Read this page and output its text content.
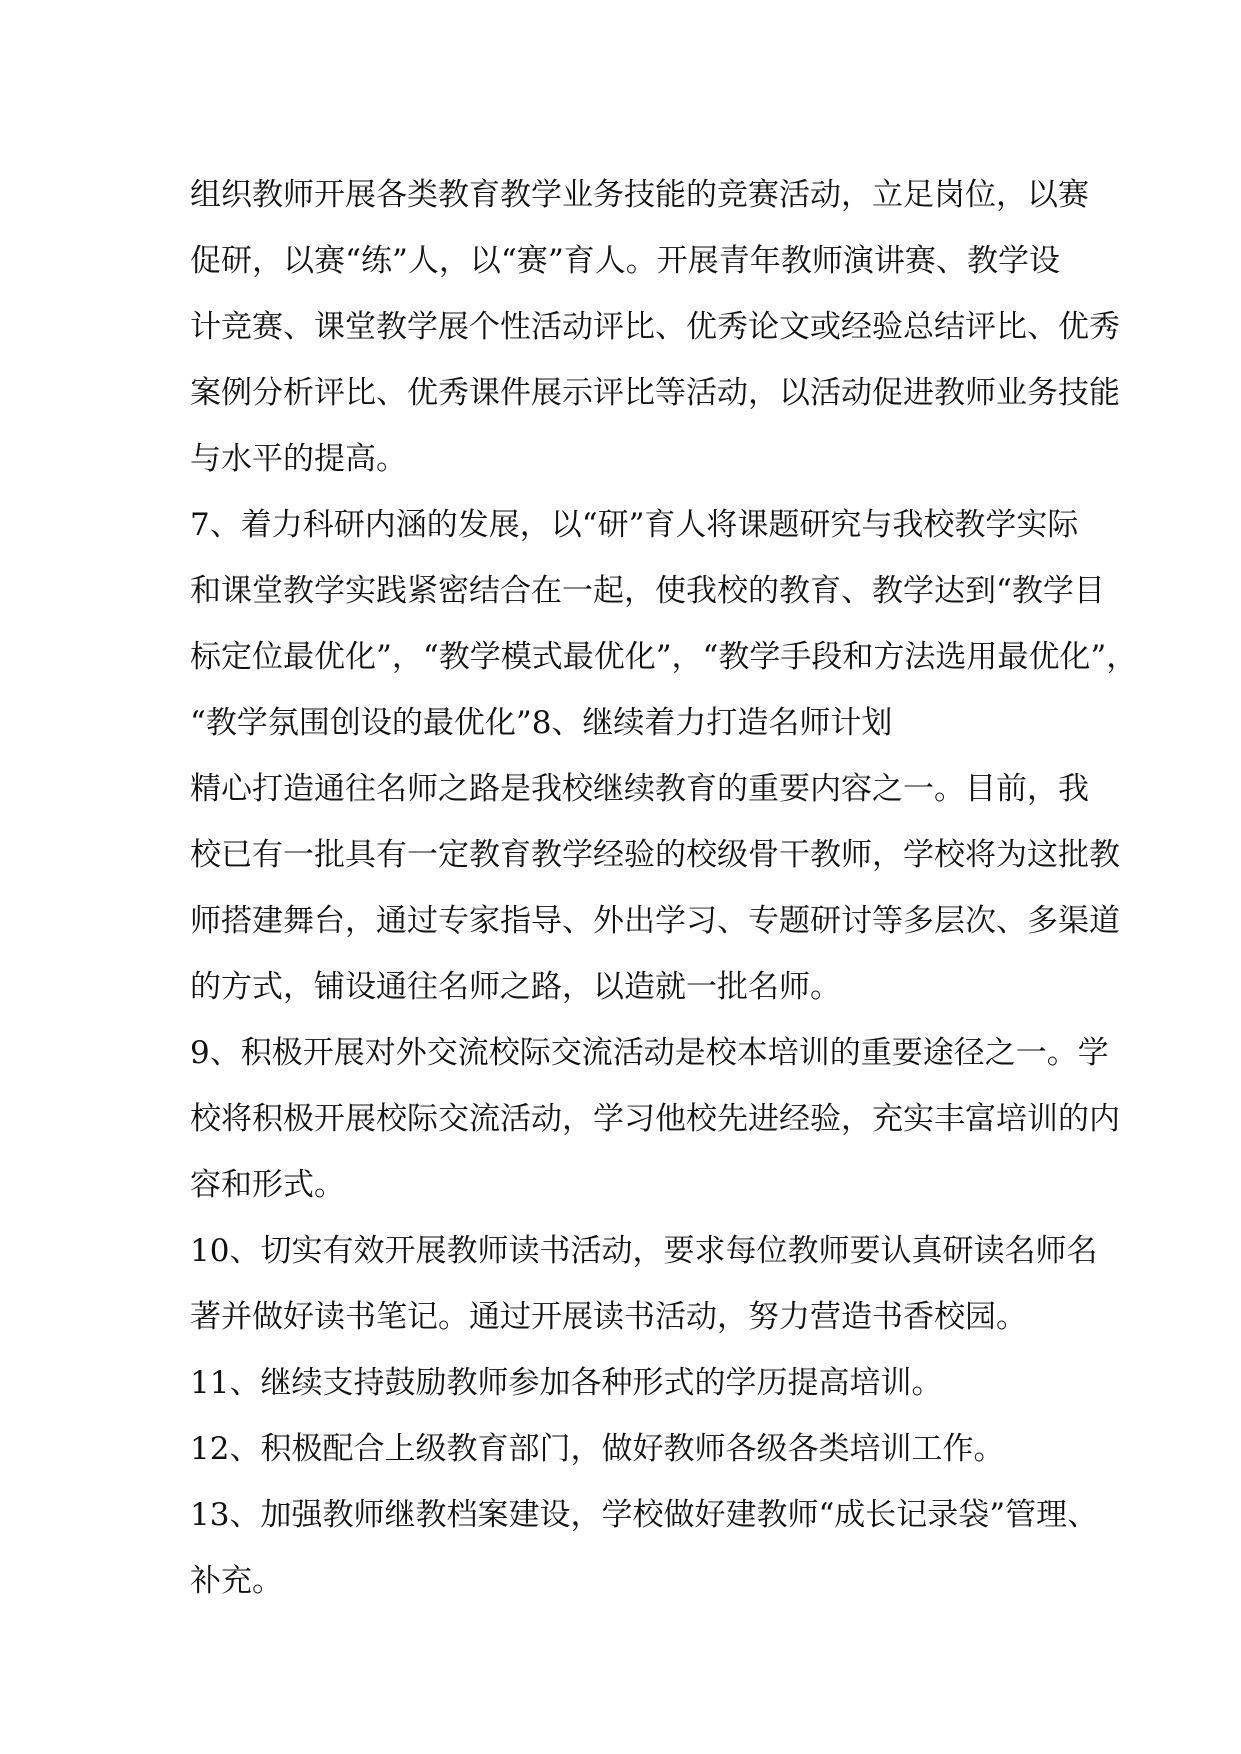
组织教师开展各类教育教学业务技能的竞赛活动，立足岗位，以赛
促研，以赛“练”人，以“赛”育人。开展青年教师演讲赛、教学设
计竞赛、课堂教学展个性活动评比、优秀论文或经验总结评比、优秀
案例分析评比、优秀课件展示评比等活动，以活动促进教师业务技能
与水平的提高。
7、着力科研内涵的发展，以“研”育人将课题研究与我校教学实际
和课堂教学实践紧密结合在一起，使我校的教育、教学达到“教学目
标定位最优化”，“教学模式最优化”，“教学手段和方法选用最优化”，
“教学氛围创设的最优化”8、继续着力打造名师计划
精心打造通往名师之路是我校继续教育的重要内容之一。目前，我
校已有一批具有一定教育教学经验的校级骨干教师，学校将为这批教
师搭建舞台，通过专家指导、外出学习、专题研讨等多层次、多渠道
的方式，铺设通往名师之路，以造就一批名师。
9、积极开展对外交流校际交流活动是校本培训的重要途径之一。学
校将积极开展校际交流活动，学习他校先进经验，充实丰富培训的内
容和形式。
10、切实有效开展教师读书活动，要求每位教师要认真研读名师名
著并做好读书笔记。通过开展读书活动，努力营造书香校园。
11、继续支持鼓励教师参加各种形式的学历提高培训。
12、积极配合上级教育部门，做好教师各级各类培训工作。
13、加强教师继教档案建设，学校做好建教师“成长记录袋”管理、
补充。
